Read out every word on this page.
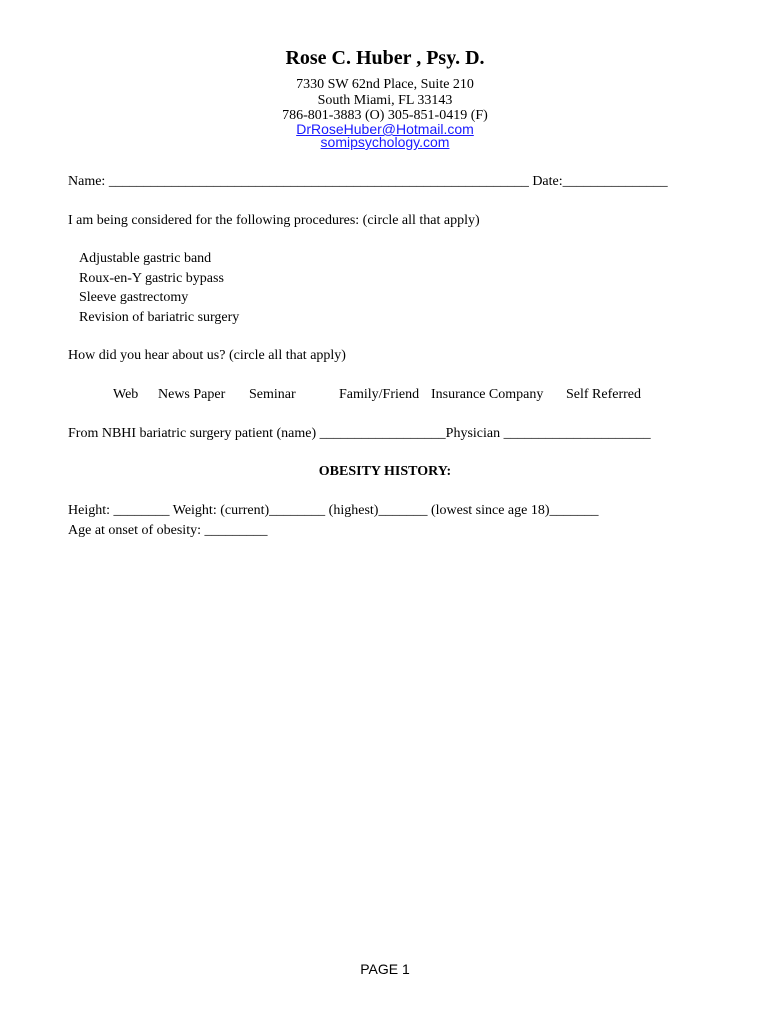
Rose C. Huber , Psy. D.
7330 SW 62nd Place, Suite 210
South Miami, FL 33143
786-801-3883 (O) 305-851-0419 (F)
DrRoseHuber@Hotmail.com
somipsychology.com
Name: ____________________________________________________________ Date:_______________
I am being considered for the following procedures: (circle all that apply)
Adjustable gastric band
Roux-en-Y gastric bypass
Sleeve gastrectomy
Revision of bariatric surgery
How did you hear about us? (circle all that apply)
Web News Paper Seminar	Family/Friend Insurance Company Self Referred
From NBHI bariatric surgery patient (name) __________________Physician _____________________
OBESITY HISTORY:
Height: ________ Weight: (current)________ (highest)_______ (lowest since age 18)_______
Age at onset of obesity: _________
PAGE 1
